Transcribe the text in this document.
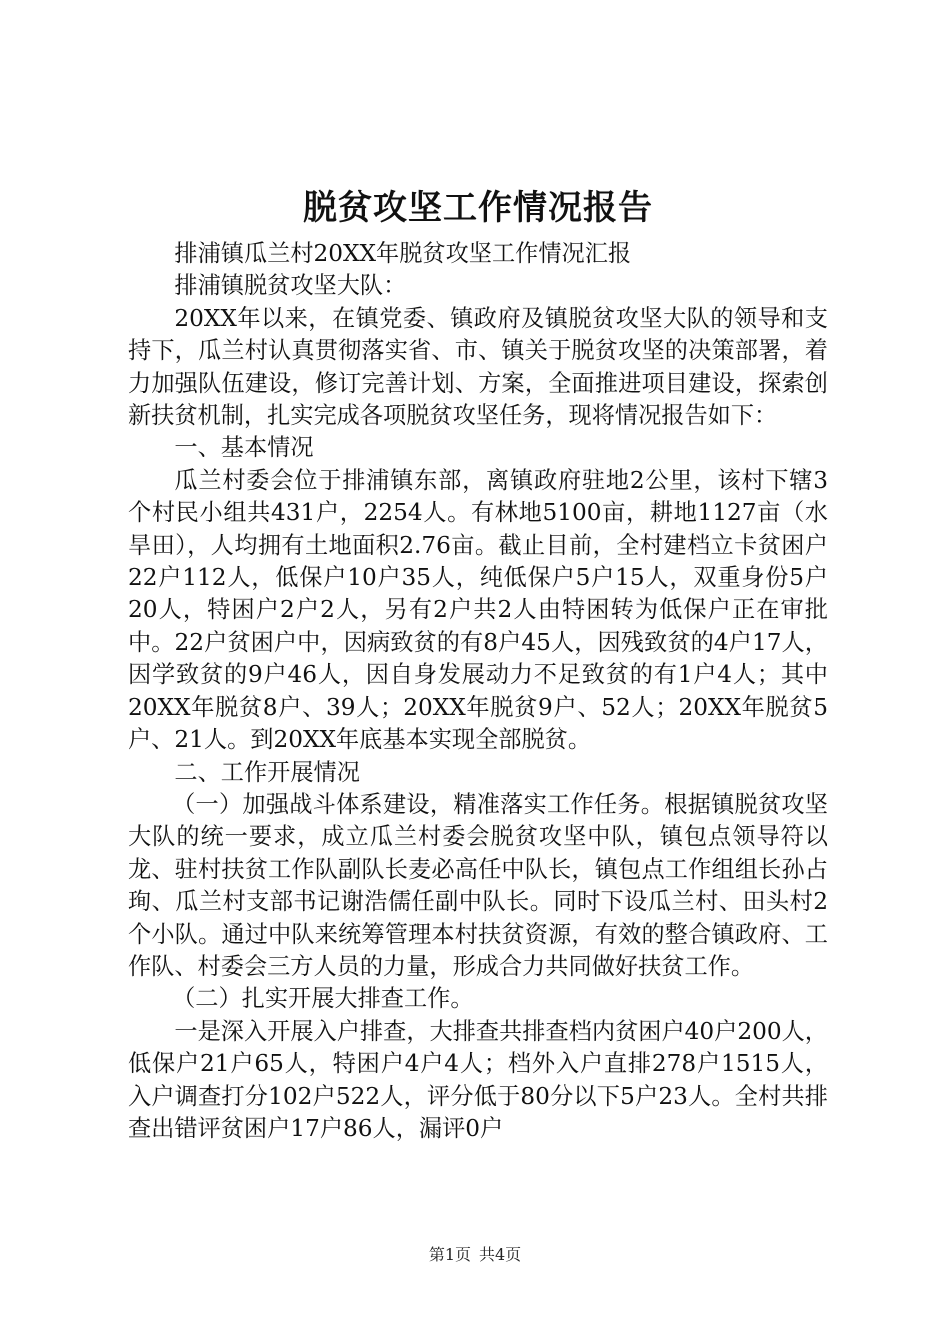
脱贫攻坚工作情况报告

排浦镇瓜兰村20XX年脱贫攻坚工作情况汇报

排浦镇脱贫攻坚大队：

20XX年以来，在镇党委、镇政府及镇脱贫攻坚大队的领导和支持下，瓜兰村认真贯彻落实省、市、镇关于脱贫攻坚的决策部署，着力加强队伍建设，修订完善计划、方案，全面推进项目建设，探索创新扶贫机制，扎实完成各项脱贫攻坚任务，现将情况报告如下：

一、基本情况

瓜兰村委会位于排浦镇东部，离镇政府驻地2公里，该村下辖3个村民小组共431户，2254人。有林地5100亩，耕地1127亩（水旱田），人均拥有土地面积2.76亩。截止目前，全村建档立卡贫困户22户112人，低保户10户35人，纯低保户5户15人，双重身份5户20人，特困户2户2人，另有2户共2人由特困转为低保户正在审批中。22户贫困户中，因病致贫的有8户45人，因残致贫的4户17人，因学致贫的9户46人，因自身发展动力不足致贫的有1户4人；其中20XX年脱贫8户、39人；20XX年脱贫9户、52人；20XX年脱贫5户、21人。到20XX年底基本实现全部脱贫。

二、工作开展情况

（一）加强战斗体系建设，精准落实工作任务。根据镇脱贫攻坚大队的统一要求，成立瓜兰村委会脱贫攻坚中队，镇包点领导符以龙、驻村扶贫工作队副队长麦必高任中队长，镇包点工作组组长孙占珣、瓜兰村支部书记谢浩儒任副中队长。同时下设瓜兰村、田头村2个小队。通过中队来统筹管理本村扶贫资源，有效的整合镇政府、工作队、村委会三方人员的力量，形成合力共同做好扶贫工作。

（二）扎实开展大排查工作。

一是深入开展入户排查，大排查共排查档内贫困户40户200人，低保户21户65人，特困户4户4人；档外入户直排278户1515人，入户调查打分102户522人，评分低于80分以下5户23人。全村共排查出错评贫困户17户86人，漏评0户

第1页 共4页
